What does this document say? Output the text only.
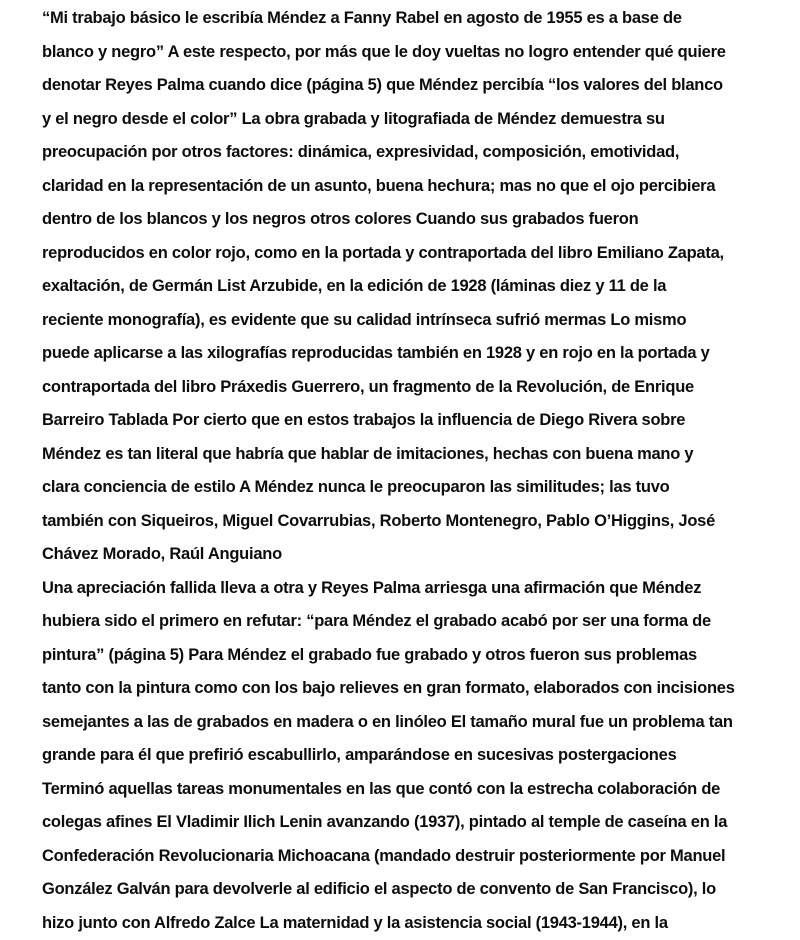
“Mi trabajo básico le escribía Méndez a Fanny Rabel en agosto de 1955 es a base de
blanco y negro” A este respecto, por más que le doy vueltas no logro entender qué quiere
denotar Reyes Palma cuando dice (página 5) que Méndez percibía “los valores del blanco
y el negro desde el color” La obra grabada y litografiada de Méndez demuestra su
preocupación por otros factores: dinámica, expresividad, composición, emotividad,
claridad en la representación de un asunto, buena hechura; mas no que el ojo percibiera
dentro de los blancos y los negros otros colores Cuando sus grabados fueron
reproducidos en color rojo, como en la portada y contraportada del libro Emiliano Zapata,
exaltación, de Germán List Arzubide, en la edición de 1928 (láminas diez y 11 de la
reciente monografía), es evidente que su calidad intrínseca sufrió mermas Lo mismo
puede aplicarse a las xilografías reproducidas también en 1928 y en rojo en la portada y
contraportada del libro Práxedis Guerrero, un fragmento de la Revolución, de Enrique
Barreiro Tablada Por cierto que en estos trabajos la influencia de Diego Rivera sobre
Méndez es tan literal que habría que hablar de imitaciones, hechas con buena mano y
clara conciencia de estilo A Méndez nunca le preocuparon las similitudes; las tuvo
también con Siqueiros, Miguel Covarrubias, Roberto Montenegro, Pablo O’Higgins, José
Chávez Morado, Raúl Anguiano
Una apreciación fallida lleva a otra y Reyes Palma arriesga una afirmación que Méndez
hubiera sido el primero en refutar: “para Méndez el grabado acabó por ser una forma de
pintura” (página 5) Para Méndez el grabado fue grabado y otros fueron sus problemas
tanto con la pintura como con los bajo relieves en gran formato, elaborados con incisiones
semejantes a las de grabados en madera o en linóleo El tamaño mural fue un problema tan
grande para él que prefirió escabullirlo, amparándose en sucesivas postergaciones
Terminó aquellas tareas monumentales en las que contó con la estrecha colaboración de
colegas afines El Vladimir Ilich Lenin avanzando (1937), pintado al temple de caseína en la
Confederación Revolucionaria Michoacana (mandado destruir posteriormente por Manuel
González Galván para devolverle al edificio el aspecto de convento de San Francisco), lo
hizo junto con Alfredo Zalce La maternidad y la asistencia social (1943-1944), en la
